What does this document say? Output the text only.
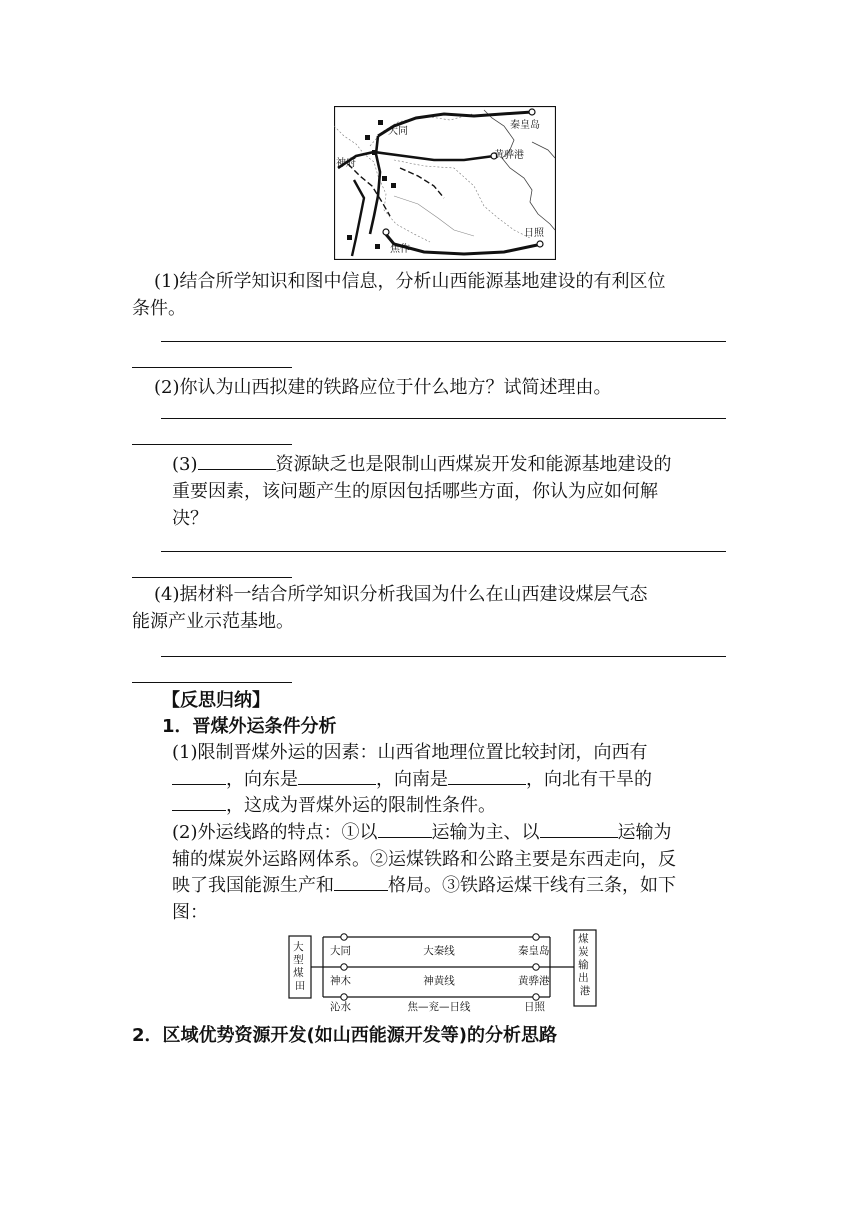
大同
秦皇岛
神府
黄骅港
日照
焦作
(1)结合所学知识和图中信息，分析山西能源基地建设的有利区位
条件。
(2)你认为山西拟建的铁路应位于什么地方？试简述理由。
(3)	资源缺乏也是限制山西煤炭开发和能源基地建设的
重要因素，该问题产生的原因包括哪些方面，你认为应如何解
决？
(4)据材料一结合所学知识分析我国为什么在山西建设煤层气态
能源产业示范基地。
【反思归纳】
1．晋煤外运条件分析
(1)限制晋煤外运的因素：山西省地理位置比较封闭，向西有
，向东是	，向南是	，向北有干旱的
，这成为晋煤外运的限制性条件。
(2)外运线路的特点：①以	运输为主、以	运输为
辅的煤炭外运路网体系。②运煤铁路和公路主要是东西走向，反
映了我国能源生产和	格局。③铁路运煤干线有三条，如下
图：
大 型 煤 田
煤 炭 输 出 港
大同	大秦线	秦皇岛
神木	神黄线	黄骅港
沁水	焦—兖—日线	日照
2．区域优势资源开发(如山西能源开发等)的分析思路
